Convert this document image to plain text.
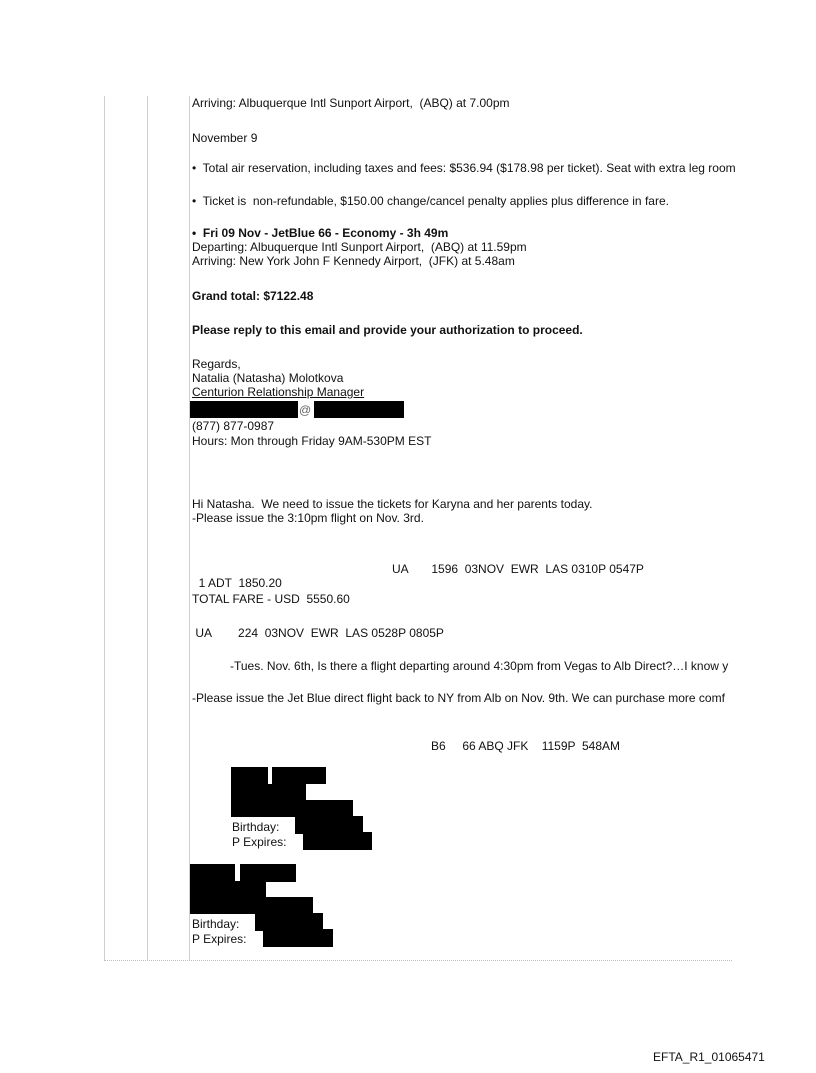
Arriving: Albuquerque Intl Sunport Airport,  (ABQ) at 7.00pm
November 9
•  Total air reservation, including taxes and fees: $536.94 ($178.98 per ticket). Seat with extra leg room
•  Ticket is  non-refundable, $150.00 change/cancel penalty applies plus difference in fare.
•  Fri 09 Nov - JetBlue 66 - Economy - 3h 49m
Departing: Albuquerque Intl Sunport Airport,  (ABQ) at 11.59pm
Arriving: New York John F Kennedy Airport,  (JFK) at 5.48am
Grand total: $7122.48
Please reply to this email and provide your authorization to proceed.
Regards,
Natalia (Natasha) Molotkova
Centurion Relationship Manager
@
(877) 877-0987
Hours: Mon through Friday 9AM-530PM EST
Hi Natasha.  We need to issue the tickets for Karyna and her parents today.
-Please issue the 3:10pm flight on Nov. 3rd.
UA       1596  03NOV  EWR  LAS 0310P 0547P
1 ADT  1850.20
TOTAL FARE - USD  5550.60
UA        224  03NOV  EWR  LAS 0528P 0805P
-Tues. Nov. 6th, Is there a flight departing around 4:30pm from Vegas to Alb Direct?…I know y
-Please issue the Jet Blue direct flight back to NY from Alb on Nov. 9th. We can purchase more comf
B6     66 ABQ JFK    1159P  548AM
Birthday:
P Expires:
Birthday:
P Expires:
EFTA_R1_01065471
